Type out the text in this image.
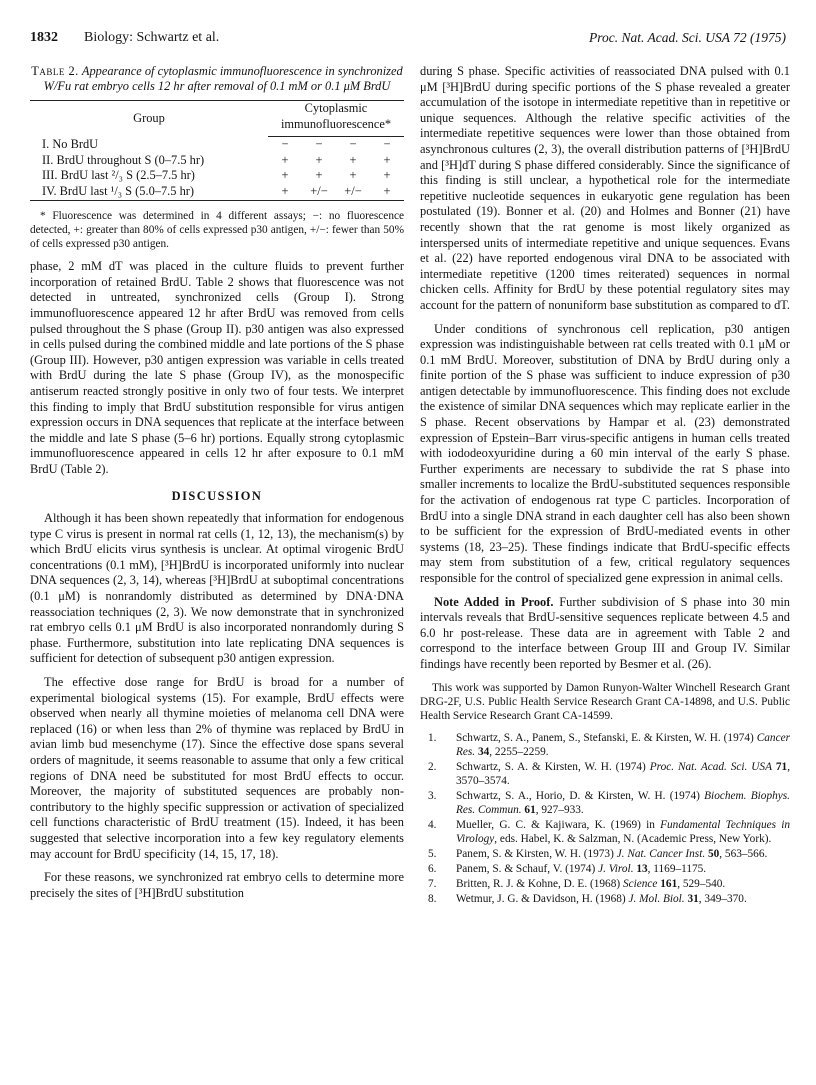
1832 Biology: Schwartz et al.	Proc. Nat. Acad. Sci. USA 72 (1975)
Table 2. Appearance of cytoplasmic immunofluorescence in synchronized W/Fu rat embryo cells 12 hr after removal of 0.1 mM or 0.1 μM BrdU
Group	Cytoplasmic immunofluorescence*			

I. No BrdU	−	−	−	−
II. BrdU throughout S (0–7.5 hr)	+	+	+	+
III. BrdU last ²/₃ S (2.5–7.5 hr)	+	+	+	+
IV. BrdU last ¹/₃ S (5.0–7.5 hr)	+	+/−	+/−	+

* Fluorescence was determined in 4 different assays; −: no fluorescence detected, +: greater than 80% of cells expressed p30 antigen, +/−: fewer than 50% of cells expressed p30 antigen.

phase, 2 mM dT was placed in the culture fluids to prevent further incorporation of retained BrdU. Table 2 shows that fluorescence was not detected in untreated, synchronized cells (Group I). Strong immunofluorescence appeared 12 hr after BrdU was removed from cells pulsed throughout the S phase (Group II). p30 antigen was also expressed in cells pulsed during the combined middle and late portions of the S phase (Group III). However, p30 antigen expression was variable in cells treated with BrdU during the late S phase (Group IV), as the monospecific antiserum reacted strongly positive in only two of four tests. We interpret this finding to imply that BrdU substitution responsible for virus antigen expression occurs in DNA sequences that replicate at the interface between the middle and late S phase (5–6 hr) portions. Equally strong cytoplasmic immunofluorescence appeared in cells 12 hr after exposure to 0.1 mM BrdU (Table 2).

DISCUSSION

Although it has been shown repeatedly that information for endogenous type C virus is present in normal rat cells (1, 12, 13), the mechanism(s) by which BrdU elicits virus synthesis is unclear. At optimal virogenic BrdU concentrations (0.1 mM), [³H]BrdU is incorporated uniformly into nuclear DNA sequences (2, 3, 14), whereas [³H]BrdU at suboptimal concentrations (0.1 μM) is nonrandomly distributed as determined by DNA·DNA reassociation techniques (2, 3). We now demonstrate that in synchronized rat embryo cells 0.1 μM BrdU is also incorporated nonrandomly during S phase. Furthermore, substitution into late replicating DNA sequences is sufficient for detection of subsequent p30 antigen expression.

The effective dose range for BrdU is broad for a number of experimental biological systems (15). For example, BrdU effects were observed when nearly all thymine moieties of melanoma cell DNA were replaced (16) or when less than 2% of thymine was replaced by BrdU in avian limb bud mesenchyme (17). Since the effective dose spans several orders of magnitude, it seems reasonable to assume that only a few critical regions of DNA need be substituted for most BrdU effects to occur. Moreover, the majority of substituted sequences are probably non-contributory to the highly specific suppression or activation of specialized cell functions characteristic of BrdU treatment (15). Indeed, it has been suggested that selective incorporation into a few key regulatory elements may account for BrdU specificity (14, 15, 17, 18).

For these reasons, we synchronized rat embryo cells to determine more precisely the sites of [³H]BrdU substitution

during S phase. Specific activities of reassociated DNA pulsed with 0.1 μM [³H]BrdU during specific portions of the S phase revealed a greater accumulation of the isotope in intermediate repetitive than in repetitive or unique sequences. Although the relative specific activities of the intermediate repetitive sequences were lower than those obtained from asynchronous cultures (2, 3), the overall distribution patterns of [³H]BrdU and [³H]dT during S phase differed considerably. Since the significance of this finding is still unclear, a hypothetical role for the intermediate repetitive nucleotide sequences in eukaryotic gene regulation has been postulated (19). Bonner et al. (20) and Holmes and Bonner (21) have recently shown that the rat genome is most likely organized as interspersed units of intermediate repetitive and unique sequences. Evans et al. (22) have reported endogenous viral DNA to be associated with intermediate repetitive (1200 times reiterated) sequences in normal chicken cells. Affinity for BrdU by these potential regulatory sites may account for the pattern of nonuniform base substitution as compared to dT.

Under conditions of synchronous cell replication, p30 antigen expression was indistinguishable between rat cells treated with 0.1 μM or 0.1 mM BrdU. Moreover, substitution of DNA by BrdU during only a finite portion of the S phase was sufficient to induce expression of p30 antigen detectable by immunofluorescence. This finding does not exclude the existence of similar DNA sequences which may replicate earlier in the S phase. Recent observations by Hampar et al. (23) demonstrated expression of Epstein–Barr virus-specific antigens in human cells treated with iododeoxyuridine during a 60 min interval of the early S phase. Further experiments are necessary to subdivide the rat S phase into smaller increments to localize the BrdU-substituted sequences responsible for the activation of endogenous rat type C particles. Incorporation of BrdU into a single DNA strand in each daughter cell has also been shown to be sufficient for the expression of BrdU-mediated events in other systems (18, 23–25). These findings indicate that BrdU-specific effects may stem from substitution of a few, critical regulatory sequences responsible for the control of specialized gene expression in animal cells.

Note Added in Proof. Further subdivision of S phase into 30 min intervals reveals that BrdU-sensitive sequences replicate between 4.5 and 6.0 hr post-release. These data are in agreement with Table 2 and correspond to the interface between Group III and Group IV. Similar findings have recently been reported by Besmer et al. (26).

This work was supported by Damon Runyon-Walter Winchell Research Grant DRG-2F, U.S. Public Health Service Research Grant CA-14898, and U.S. Public Health Service Research Grant CA-14599.

1. Schwartz, S. A., Panem, S., Stefanski, E. & Kirsten, W. H. (1974) Cancer Res. 34, 2255–2259.
2. Schwartz, S. A. & Kirsten, W. H. (1974) Proc. Nat. Acad. Sci. USA 71, 3570–3574.
3. Schwartz, S. A., Horio, D. & Kirsten, W. H. (1974) Biochem. Biophys. Res. Commun. 61, 927–933.
4. Mueller, G. C. & Kajiwara, K. (1969) in Fundamental Techniques in Virology, eds. Habel, K. & Salzman, N. (Academic Press, New York).
5. Panem, S. & Kirsten, W. H. (1973) J. Nat. Cancer Inst. 50, 563–566.
6. Panem, S. & Schauf, V. (1974) J. Virol. 13, 1169–1175.
7. Britten, R. J. & Kohne, D. E. (1968) Science 161, 529–540.
8. Wetmur, J. G. & Davidson, H. (1968) J. Mol. Biol. 31, 349–370.
